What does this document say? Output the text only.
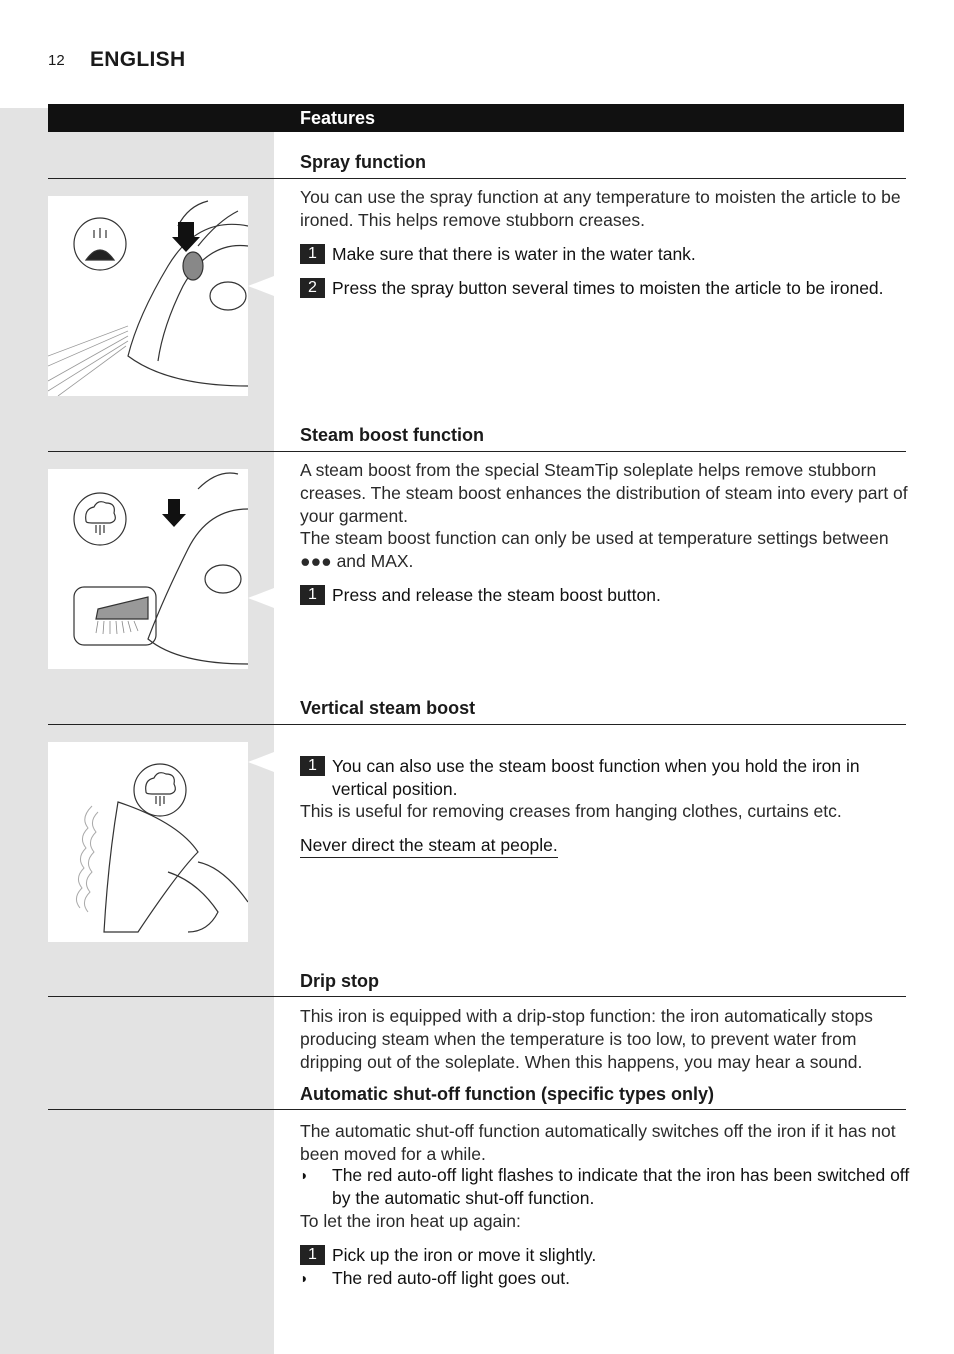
12 ENGLISH
Features
Spray function
You can use the spray function at any temperature to moisten the article to be ironed. This helps remove stubborn creases.
1 Make sure that there is water in the water tank.
2 Press the spray button several times to moisten the article to be ironed.
Steam boost function
A steam boost from the special SteamTip soleplate helps remove stubborn creases. The steam boost enhances the distribution of steam into every part of your garment.
The steam boost function can only be used at temperature settings between ●●● and MAX.
1 Press and release the steam boost button.
Vertical steam boost
1 You can also use the steam boost function when you hold the iron in vertical position.
This is useful for removing creases from hanging clothes, curtains etc.
Never direct the steam at people.
Drip stop
This iron is equipped with a drip-stop function: the iron automatically stops producing steam when the temperature is too low, to prevent water from dripping out of the soleplate. When this happens, you may hear a sound.
Automatic shut-off function (specific types only)
The automatic shut-off function automatically switches off the iron if it has not been moved for a while.
◗	The red auto-off light flashes to indicate that the iron has been switched off by the automatic shut-off function.
To let the iron heat up again:
1 Pick up the iron or move it slightly.
◗	The red auto-off light goes out.
